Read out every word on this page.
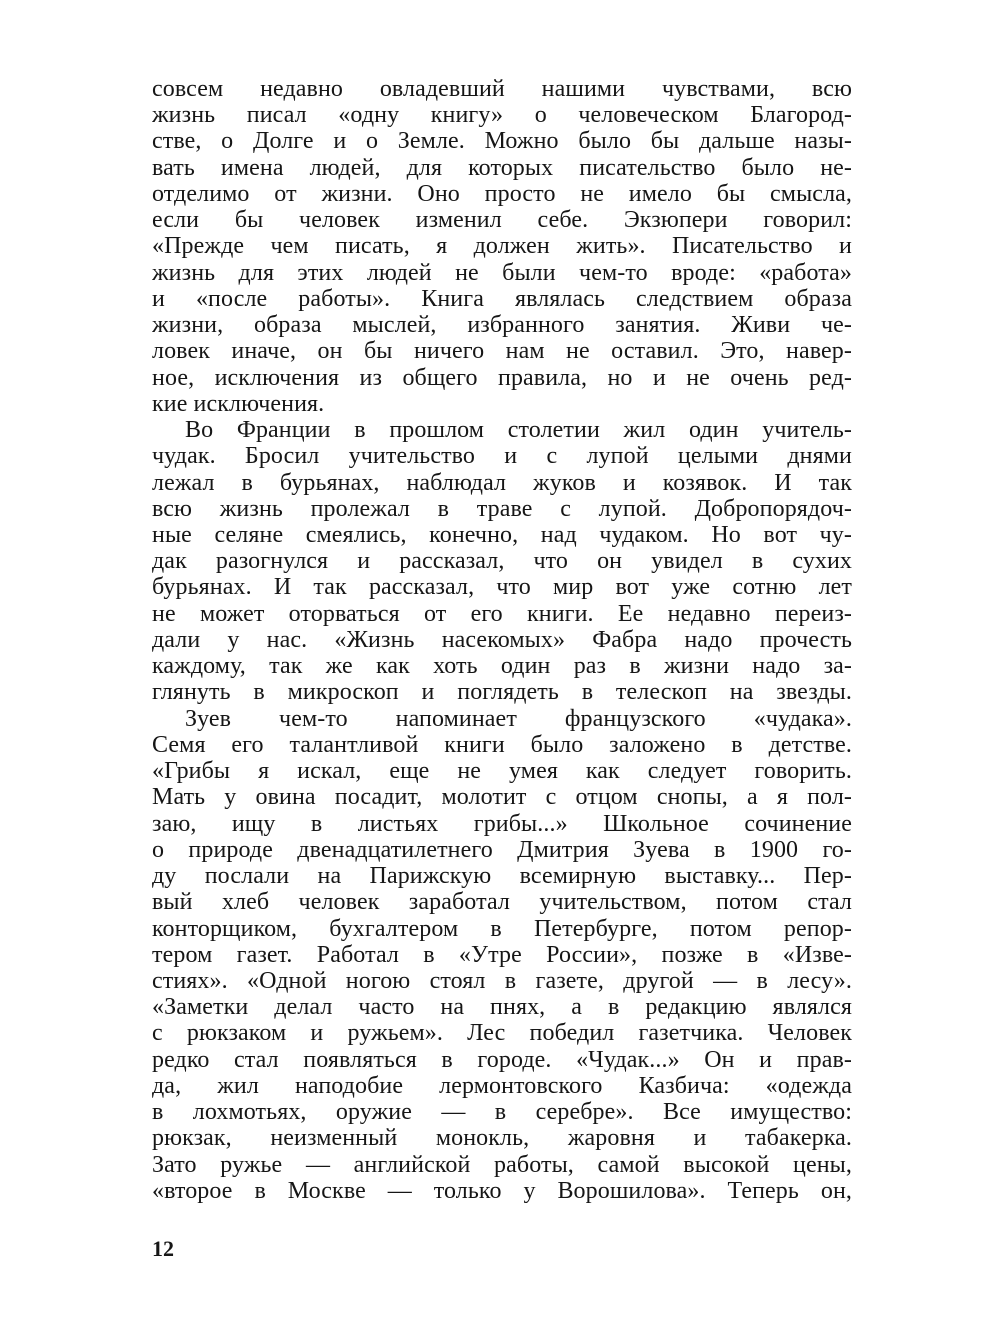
совсем недавно овладевший нашими чувствами, всю
жизнь писал «одну книгу» о человеческом Благород-
стве, о Долге и о Земле. Можно было бы дальше назы-
вать имена людей, для которых писательство было не-
отделимо от жизни. Оно просто не имело бы смысла,
если бы человек изменил себе. Экзюпери говорил:
«Прежде чем писать, я должен жить». Писательство и
жизнь для этих людей не были чем-то вроде: «работа»
и «после работы». Книга являлась следствием образа
жизни, образа мыслей, избранного занятия. Живи че-
ловек иначе, он бы ничего нам не оставил. Это, навер-
ное, исключения из общего правила, но и не очень ред-
кие исключения.
Во Франции в прошлом столетии жил один учитель-
чудак. Бросил учительство и с лупой целыми днями
лежал в бурьянах, наблюдал жуков и козявок. И так
всю жизнь пролежал в траве с лупой. Добропорядоч-
ные селяне смеялись, конечно, над чудаком. Но вот чу-
дак разогнулся и рассказал, что он увидел в сухих
бурьянах. И так рассказал, что мир вот уже сотню лет
не может оторваться от его книги. Ее недавно переиз-
дали у нас. «Жизнь насекомых» Фабра надо прочесть
каждому, так же как хоть один раз в жизни надо за-
глянуть в микроскоп и поглядеть в телескоп на звезды.
Зуев чем-то напоминает французского «чудака».
Семя его талантливой книги было заложено в детстве.
«Грибы я искал, еще не умея как следует говорить.
Мать у овина посадит, молотит с отцом снопы, а я пол-
заю, ищу в листьях грибы...» Школьное сочинение
о природе двенадцатилетнего Дмитрия Зуева в 1900 го-
ду послали на Парижскую всемирную выставку... Пер-
вый хлеб человек заработал учительством, потом стал
конторщиком, бухгалтером в Петербурге, потом репор-
тером газет. Работал в «Утре России», позже в «Изве-
стиях». «Одной ногою стоял в газете, другой — в лесу».
«Заметки делал часто на пнях, а в редакцию являлся
с рюкзаком и ружьем». Лес победил газетчика. Человек
редко стал появляться в городе. «Чудак...» Он и прав-
да, жил наподобие лермонтовского Казбича: «одежда
в лохмотьях, оружие — в серебре». Все имущество:
рюкзак, неизменный монокль, жаровня и табакерка.
Зато ружье — английской работы, самой высокой цены,
«второе в Москве — только у Ворошилова». Теперь он,
12
